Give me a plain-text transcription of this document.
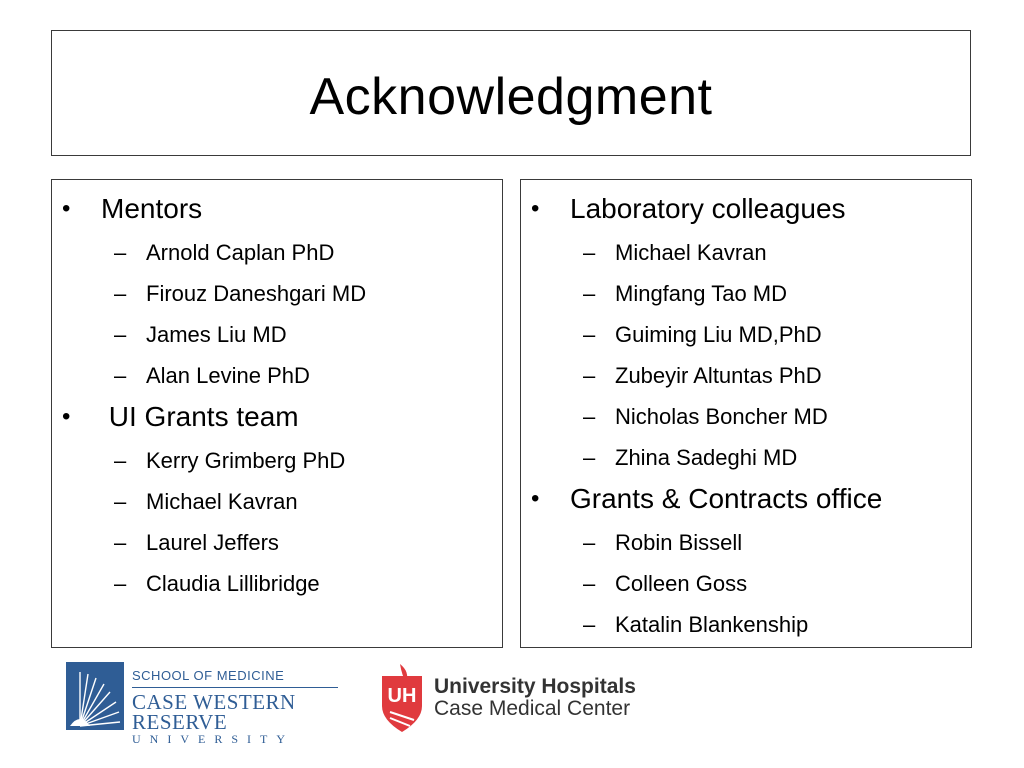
Acknowledgment
• Mentors
– Arnold Caplan PhD
– Firouz Daneshgari MD
– James Liu MD
– Alan Levine PhD
• UI Grants team
– Kerry Grimberg PhD
– Michael Kavran
– Laurel Jeffers
– Claudia Lillibridge
• Laboratory colleagues
– Michael Kavran
– Mingfang Tao MD
– Guiming Liu MD,PhD
– Zubeyir Altuntas PhD
– Nicholas Boncher MD
– Zhina Sadeghi MD
• Grants & Contracts office
– Robin Bissell
– Colleen Goss
– Katalin Blankenship
SCHOOL OF MEDICINE
CASE WESTERN RESERVE
UNIVERSITY
UH University Hospitals
Case Medical Center
